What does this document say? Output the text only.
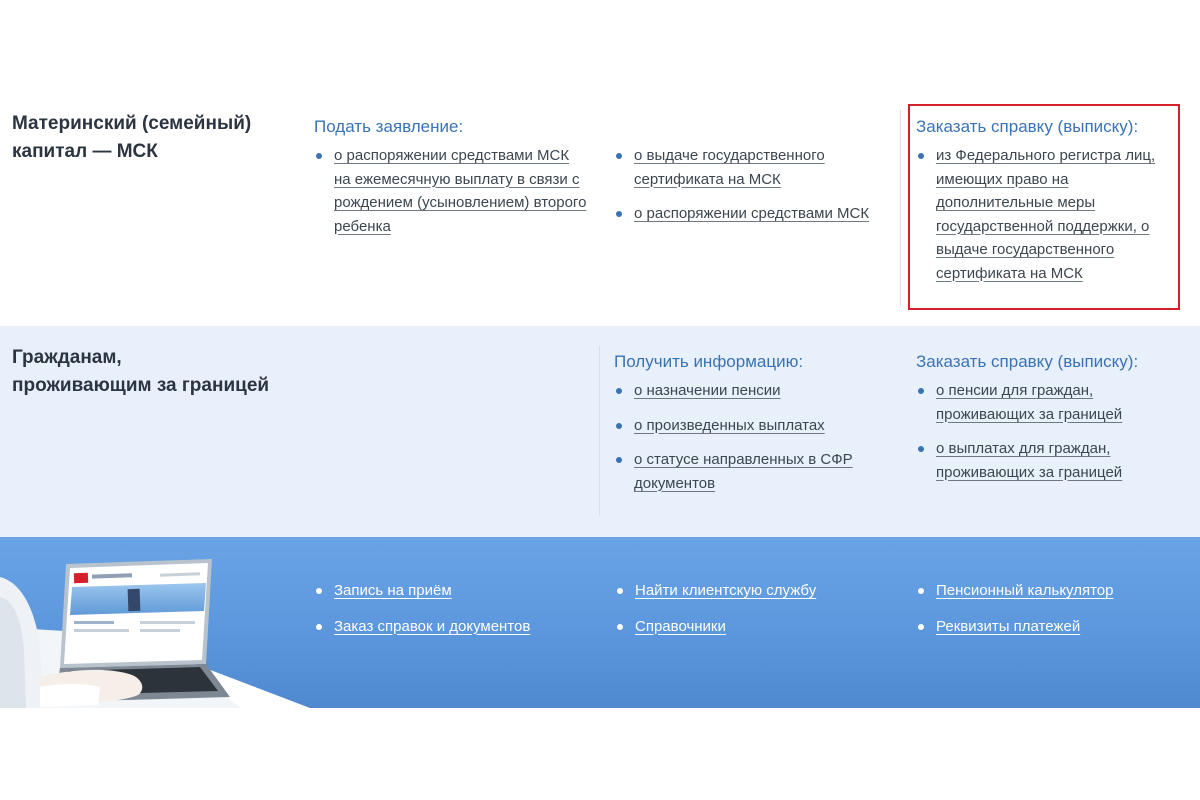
Материнский (семейный)

капитал — МСК

Подать заявление:

о распоряжении средствами МСК на ежемесячную выплату в связи с рождением (усыновлением) второго ребенка
о выдаче государственного сертификата на МСК
о распоряжении средствами МСК

Заказать справку (выписку):

из Федерального регистра лиц, имеющих право на дополнительные меры государственной поддержки, о выдаче государственного сертификата на МСК

Гражданам,

проживающим за границей

Получить информацию:

о назначении пенсии
о произведенных выплатах
о статусе направленных в СФР документов

Заказать справку (выписку):

о пенсии для граждан, проживающих за границей
о выплатах для граждан, проживающих за границей
Запись на приём
Заказ справок и документов
Найти клиентскую службу
Справочники
Пенсионный калькулятор
Реквизиты платежей
